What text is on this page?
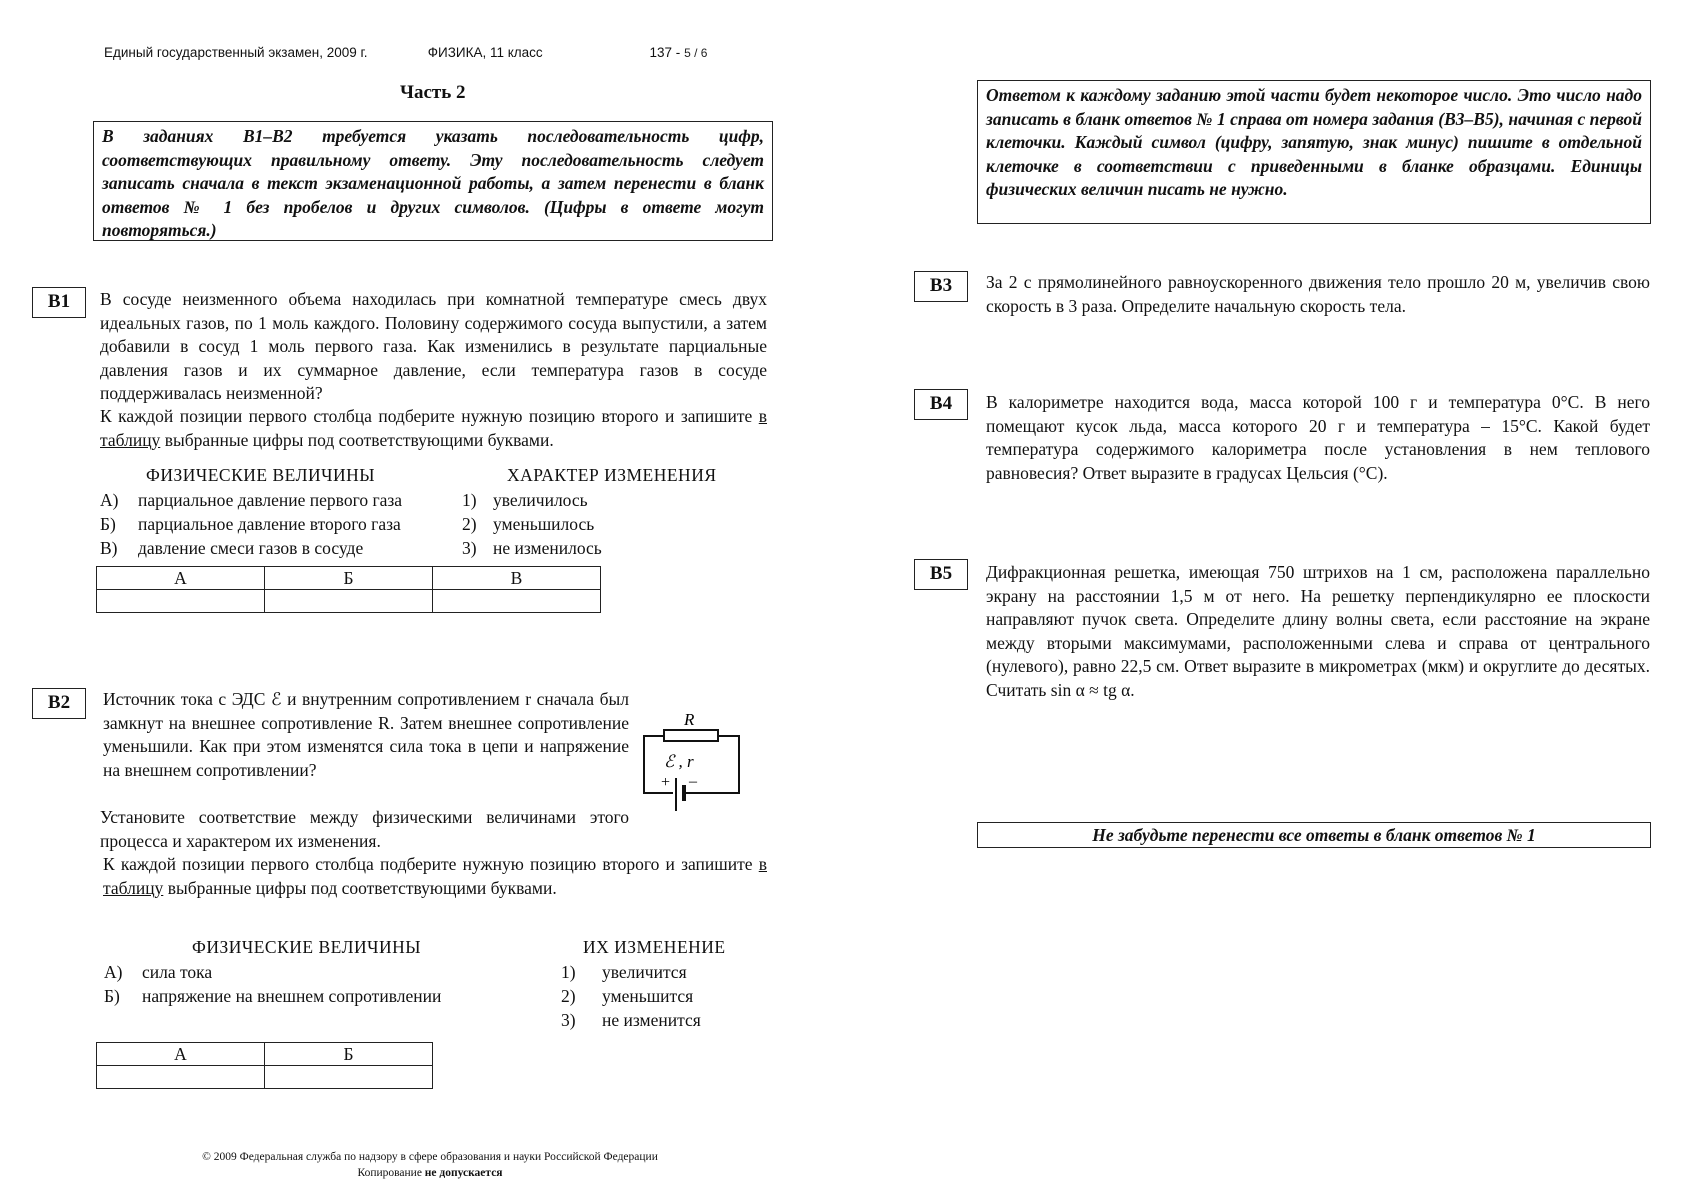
Единый государственный экзамен, 2009 г.	ФИЗИКА, 11 класс	137 - 5 / 6
Часть 2
В заданиях В1–В2 требуется указать последовательность цифр, соответствующих правильному ответу. Эту последовательность следует записать сначала в текст экзаменационной работы, а затем перенести в бланк ответов № 1 без пробелов и других символов. (Цифры в ответе могут повторяться.)
Ответом к каждому заданию этой части будет некоторое число. Это число надо записать в бланк ответов № 1 справа от номера задания (В3–В5), начиная с первой клеточки. Каждый символ (цифру, запятую, знак минус) пишите в отдельной клеточке в соответствии с приведенными в бланке образцами. Единицы физических величин писать не нужно.
В1	В сосуде неизменного объема находилась при комнатной температуре смесь двух идеальных газов, по 1 моль каждого. Половину содержимого сосуда выпустили, а затем добавили в сосуд 1 моль первого газа. Как изменились в результате парциальные давления газов и их суммарное давление, если температура газов в сосуде поддерживалась неизменной?
К каждой позиции первого столбца подберите нужную позицию второго и запишите в таблицу выбранные цифры под соответствующими буквами.
ФИЗИЧЕСКИЕ ВЕЛИЧИНЫ	ХАРАКТЕР ИЗМЕНЕНИЯ
А) парциальное давление первого газа
Б) парциальное давление второго газа
В) давление смеси газов в сосуде
1) увеличилось
2) уменьшилось
3) не изменилось
А	Б	В

В2	Источник тока с ЭДС ℰ и внутренним сопротивлением r сначала был замкнут на внешнее сопротивление R. Затем внешнее сопротивление уменьшили. Как при этом изменятся сила тока в цепи и напряжение на внешнем сопротивлении?
Установите соответствие между физическими величинами этого процесса и характером их изменения.
К каждой позиции первого столбца подберите нужную позицию второго и запишите в таблицу выбранные цифры под соответствующими буквами.
R
ℰ , r
+ –
ФИЗИЧЕСКИЕ ВЕЛИЧИНЫ	ИХ ИЗМЕНЕНИЕ
А) сила тока
Б) напряжение на внешнем сопротивлении
1) увеличится
2) уменьшится
3) не изменится
А	Б

В3	За 2 с прямолинейного равноускоренного движения тело прошло 20 м, увеличив свою скорость в 3 раза. Определите начальную скорость тела.
В4	В калориметре находится вода, масса которой 100 г и температура 0°С. В него помещают кусок льда, масса которого 20 г и температура – 15°С. Какой будет температура содержимого калориметра после установления в нем теплового равновесия? Ответ выразите в градусах Цельсия (°С).
В5	Дифракционная решетка, имеющая 750 штрихов на 1 см, расположена параллельно экрану на расстоянии 1,5 м от него. На решетку перпендикулярно ее плоскости направляют пучок света. Определите длину волны света, если расстояние на экране между вторыми максимумами, расположенными слева и справа от центрального (нулевого), равно 22,5 см. Ответ выразите в микрометрах (мкм) и округлите до десятых. Считать sin α ≈ tg α.
Не забудьте перенести все ответы в бланк ответов № 1
© 2009 Федеральная служба по надзору в сфере образования и науки Российской Федерации
Копирование не допускается
